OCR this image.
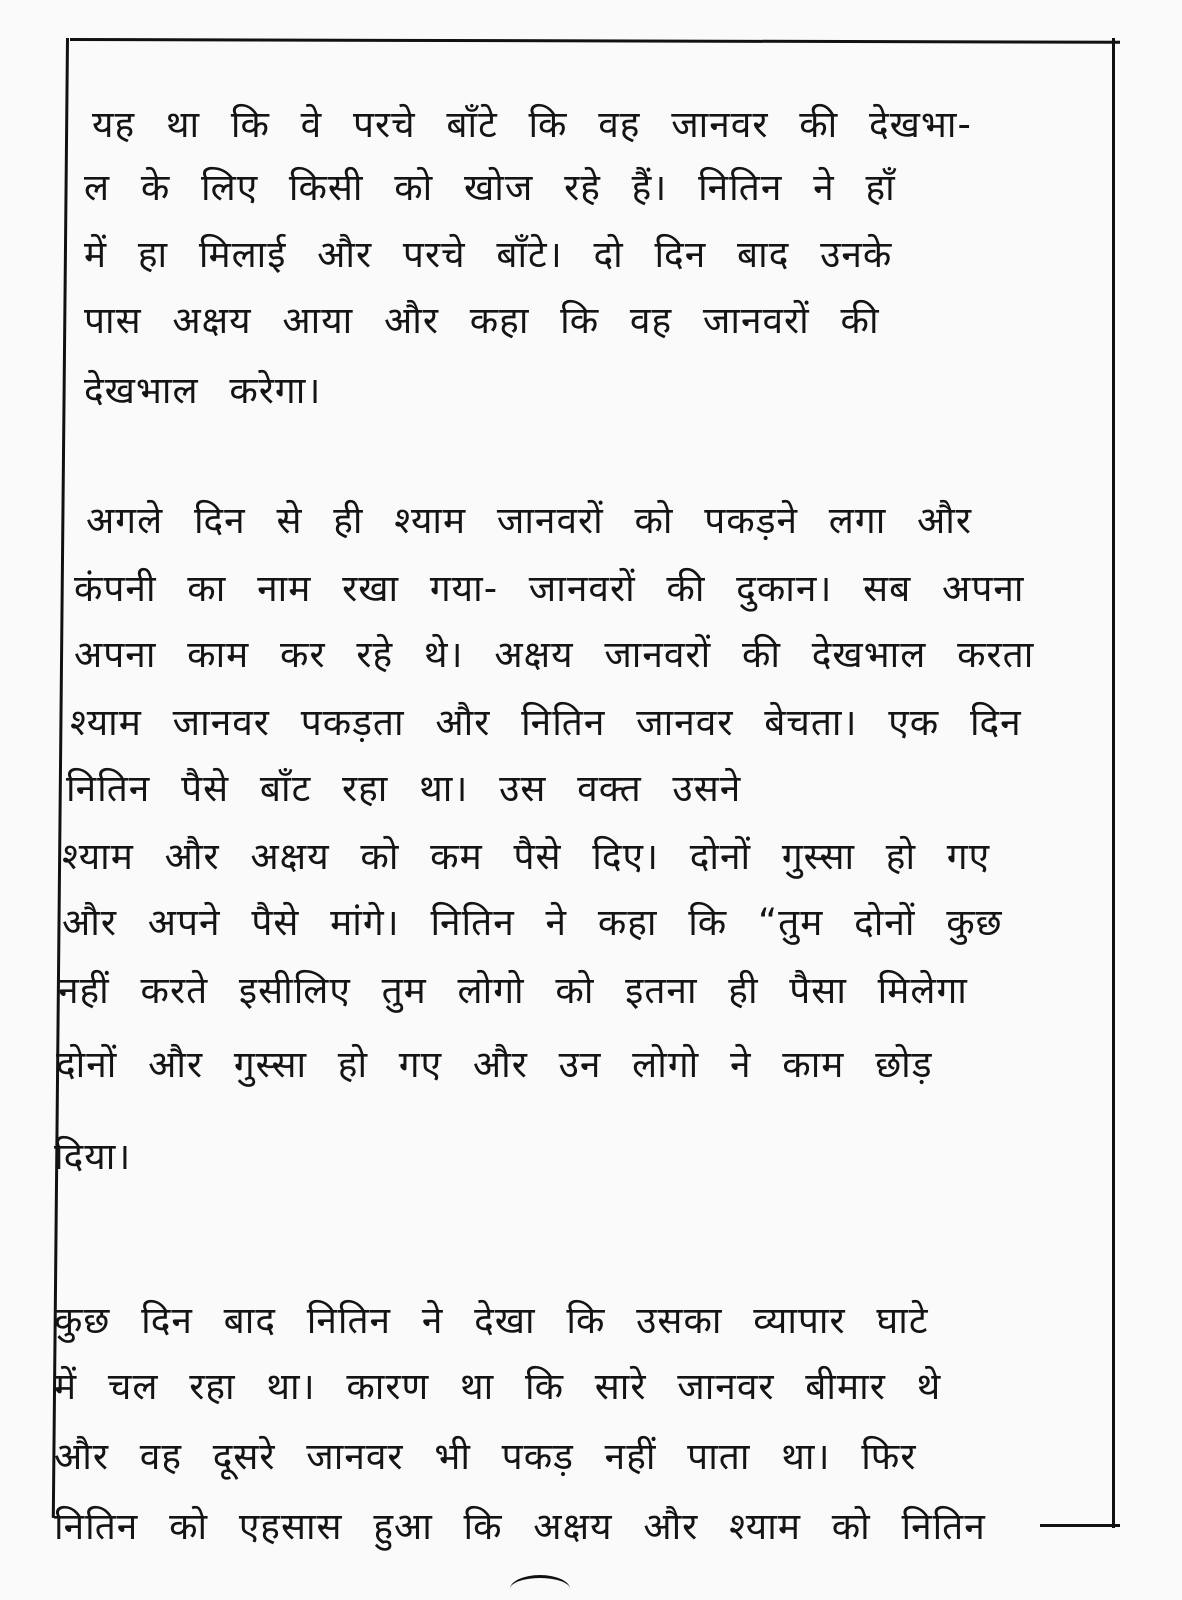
यह था कि वे परचे बाँटे कि वह जानवर की देखभा-
ल के लिए किसी को खोज रहे हैं। नितिन ने हाँ
में हा मिलाई और परचे बाँटे। दो दिन बाद उनके
पास अक्षय आया और कहा कि वह जानवरों की
देखभाल करेगा।
अगले दिन से ही श्याम जानवरों को पकड़ने लगा और
कंपनी का नाम रखा गया- जानवरों की दुकान। सब अपना
अपना काम कर रहे थे। अक्षय जानवरों की देखभाल करता
श्याम जानवर पकड़ता और नितिन जानवर बेचता। एक दिन
नितिन पैसे बाँट रहा था। उस वक्त उसने
श्याम और अक्षय को कम पैसे दिए। दोनों गुस्सा हो गए
और अपने पैसे मांगे। नितिन ने कहा कि “तुम दोनों कुछ
नहीं करते इसीलिए तुम लोगो को इतना ही पैसा मिलेगा
दोनों और गुस्सा हो गए और उन लोगो ने काम छोड़
दिया।
कुछ दिन बाद नितिन ने देखा कि उसका व्यापार घाटे
में चल रहा था। कारण था कि सारे जानवर बीमार थे
और वह दूसरे जानवर भी पकड़ नहीं पाता था। फिर
नितिन को एहसास हुआ कि अक्षय और श्याम को नितिन
